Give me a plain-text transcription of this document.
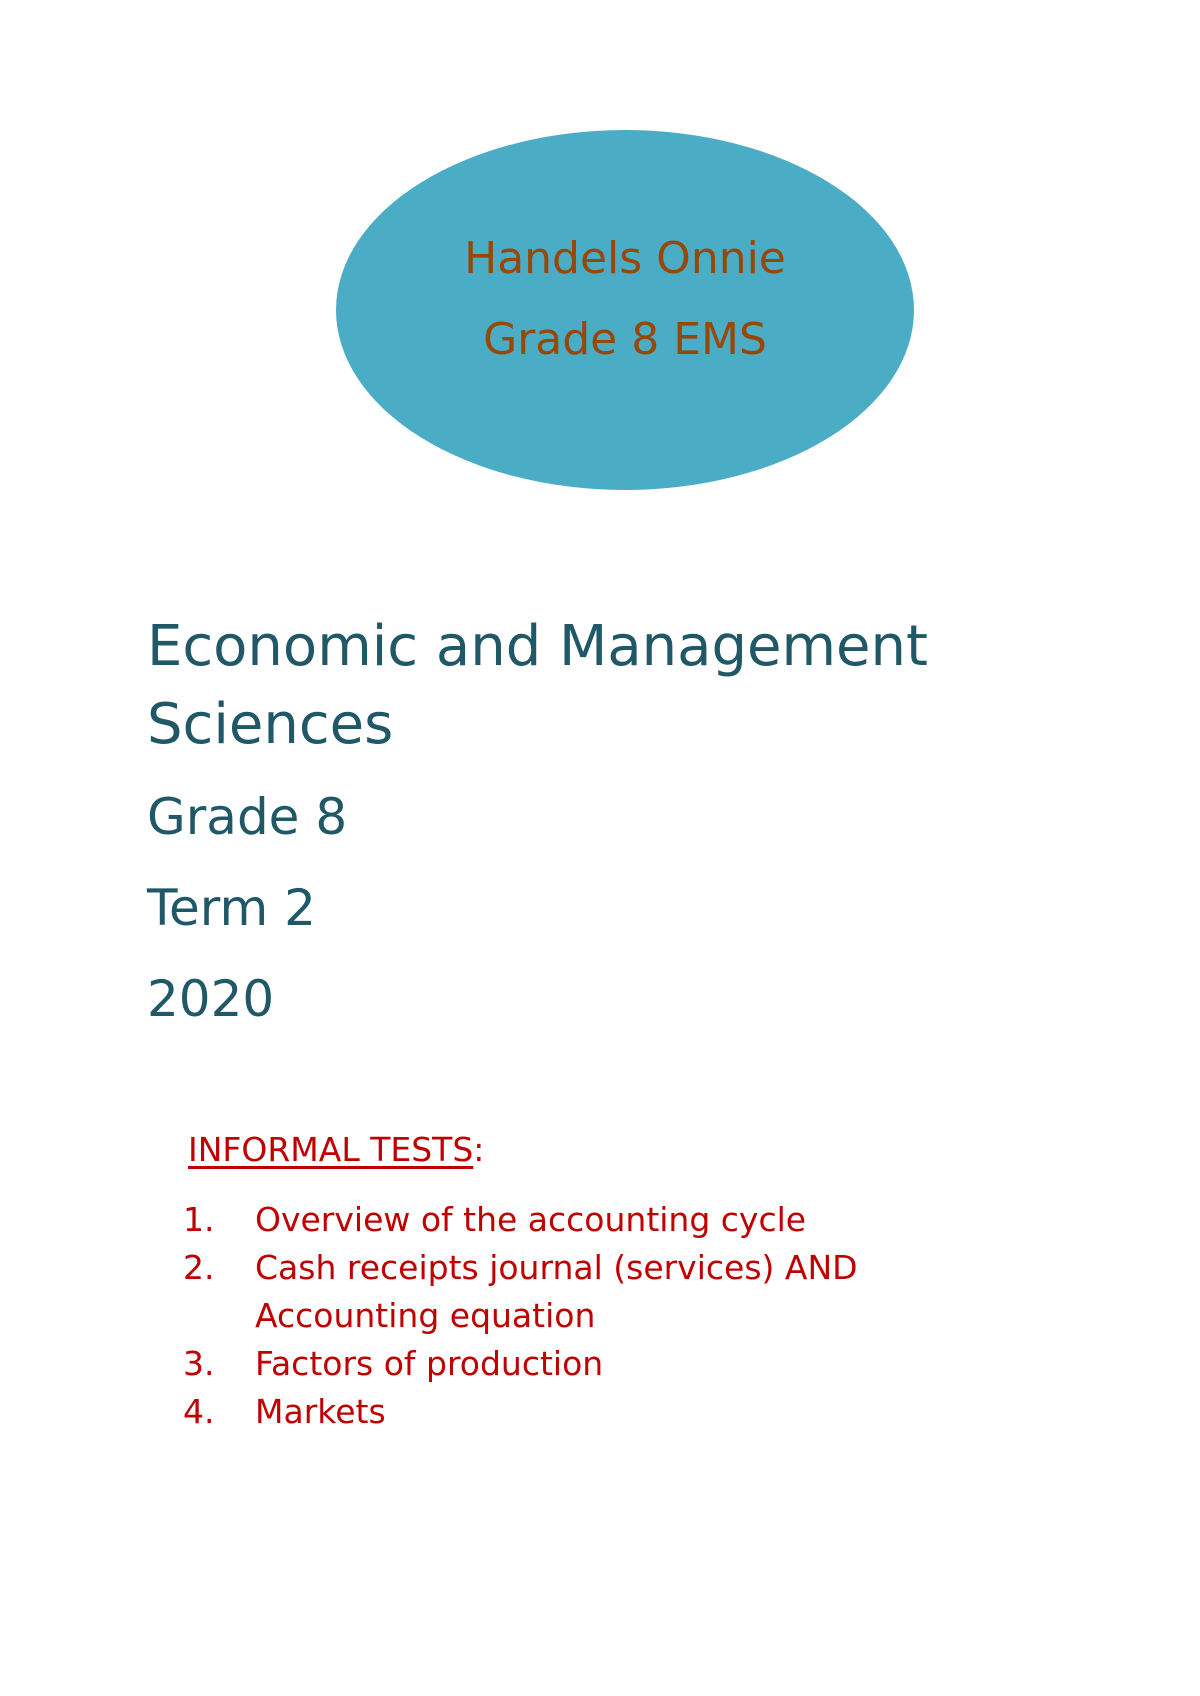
Handels Onnie
Grade 8 EMS
Economic and Management
Sciences

Grade 8

Term 2

2020

INFORMAL TESTS:
1.	Overview of the accounting cycle
2.	Cash receipts journal (services) AND
Accounting equation
3.	Factors of production
4.	Markets
